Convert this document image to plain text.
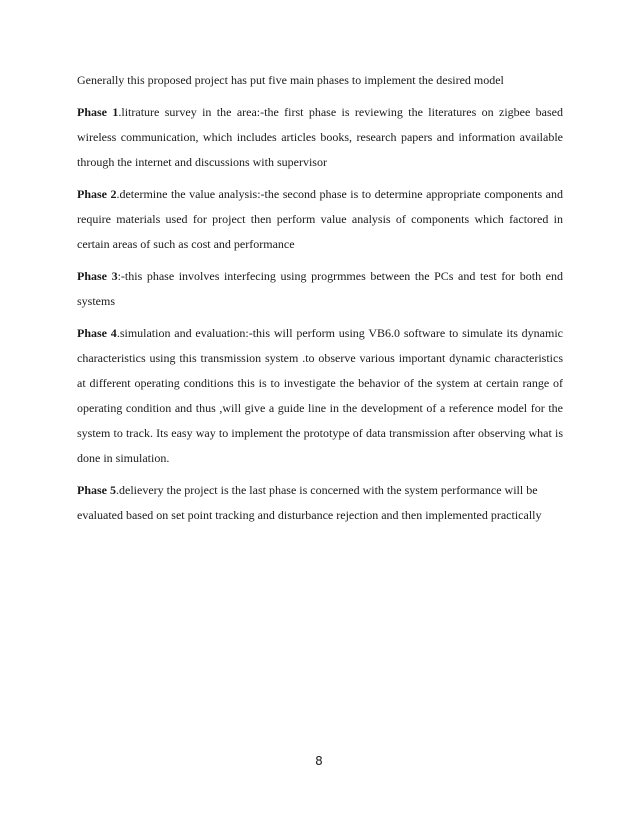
Generally this proposed project has put five main phases to implement the desired model

Phase 1.litrature survey in the area:-the first phase is reviewing the literatures on zigbee based wireless communication, which includes articles books, research papers and information available through the internet and discussions with supervisor

Phase 2.determine the value analysis:-the second phase is to determine appropriate components and require materials used for project then perform value analysis of components which factored in certain areas of such as cost and performance

Phase 3:-this phase involves interfecing using progrmmes between the PCs and test for both end systems

Phase 4.simulation and evaluation:-this will perform using VB6.0 software to simulate its dynamic characteristics using this transmission system .to observe various important dynamic characteristics at different operating conditions this is to investigate the behavior of the system at certain range of operating condition and thus ,will give a guide line in the development of a reference model for the system to track. Its easy way to implement the prototype of data transmission after observing what is done in simulation.

Phase 5.delievery the project is the last phase is concerned with the system performance will be evaluated based on set point tracking and disturbance rejection and then implemented practically

8
